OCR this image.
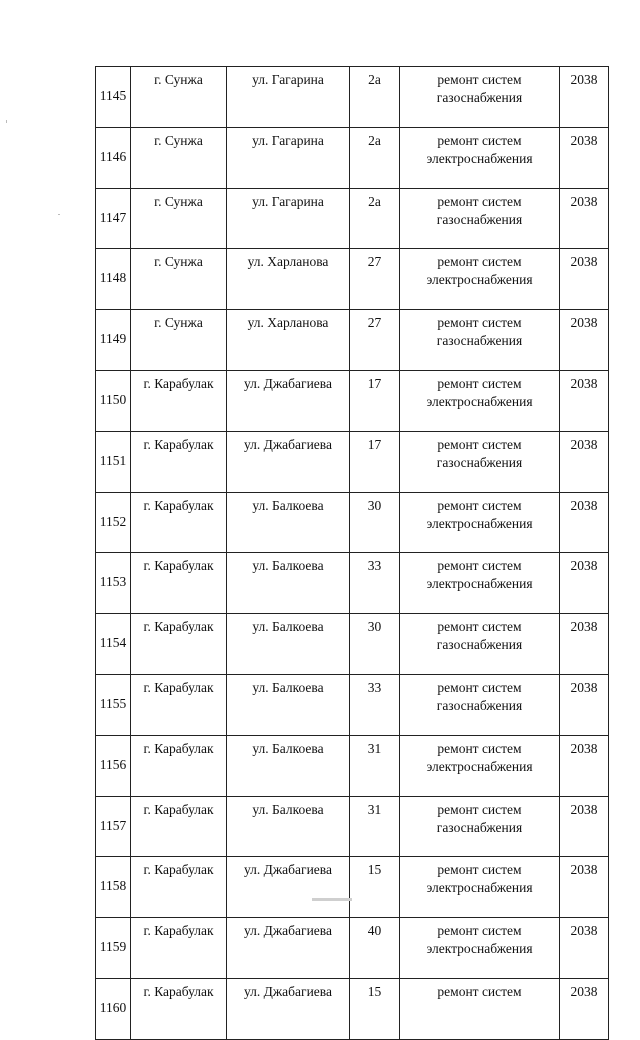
1145	г. Сунжа	ул. Гагарина	2а	ремонт систем газоснабжения	2038

1146	г. Сунжа	ул. Гагарина	2а	ремонт систем электроснабжения	2038

1147	г. Сунжа	ул. Гагарина	2а	ремонт систем газоснабжения	2038

1148	г. Сунжа	ул. Харланова	27	ремонт систем электроснабжения	2038

1149	г. Сунжа	ул. Харланова	27	ремонт систем газоснабжения	2038

1150	г. Карабулак	ул. Джабагиева	17	ремонт систем электроснабжения	2038

1151	г. Карабулак	ул. Джабагиева	17	ремонт систем газоснабжения	2038

1152	г. Карабулак	ул. Балкоева	30	ремонт систем электроснабжения	2038

1153	г. Карабулак	ул. Балкоева	33	ремонт систем электроснабжения	2038

1154	г. Карабулак	ул. Балкоева	30	ремонт систем газоснабжения	2038

1155	г. Карабулак	ул. Балкоева	33	ремонт систем газоснабжения	2038

1156	г. Карабулак	ул. Балкоева	31	ремонт систем электроснабжения	2038

1157	г. Карабулак	ул. Балкоева	31	ремонт систем газоснабжения	2038

1158	г. Карабулак	ул. Джабагиева	15	ремонт систем электроснабжения	2038

1159	г. Карабулак	ул. Джабагиева	40	ремонт систем электроснабжения	2038

1160	г. Карабулак	ул. Джабагиева	15	ремонт систем	2038
